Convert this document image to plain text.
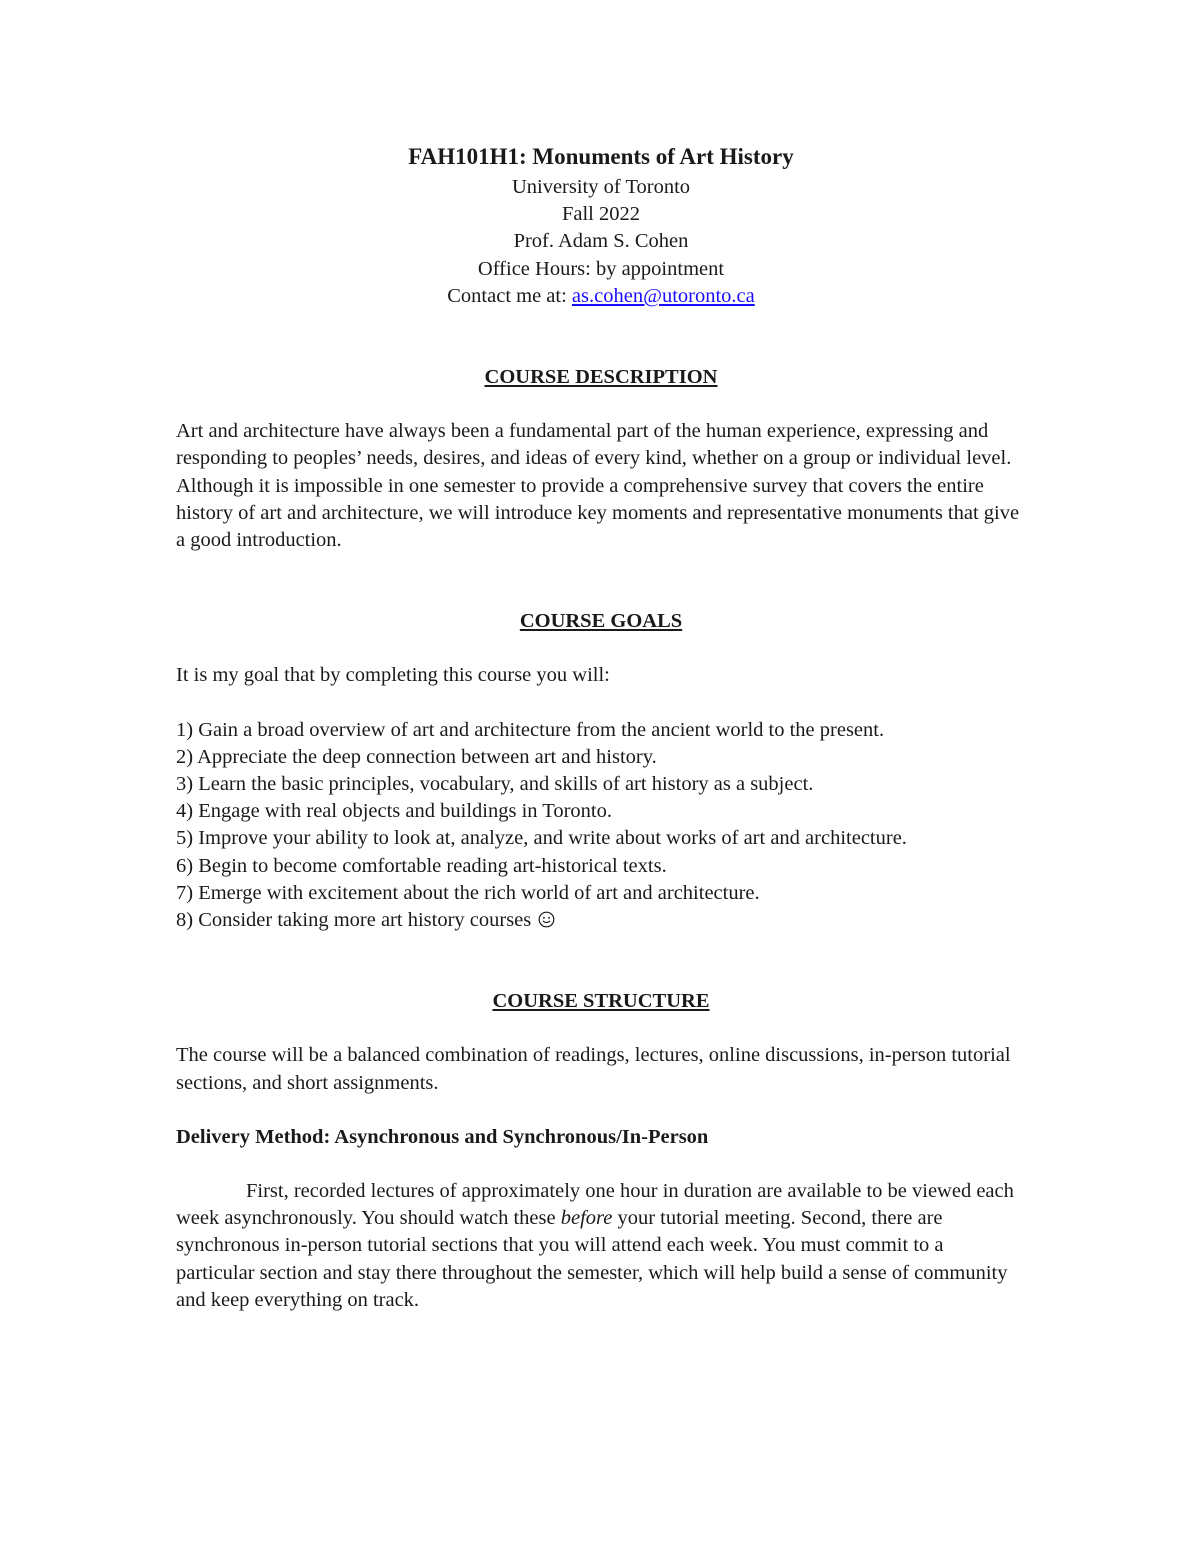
FAH101H1: Monuments of Art History
University of Toronto
Fall 2022
Prof. Adam S. Cohen
Office Hours: by appointment
Contact me at: as.cohen@utoronto.ca
COURSE DESCRIPTION

Art and architecture have always been a fundamental part of the human experience, expressing and responding to peoples’ needs, desires, and ideas of every kind, whether on a group or individual level. Although it is impossible in one semester to provide a comprehensive survey that covers the entire history of art and architecture, we will introduce key moments and representative monuments that give a good introduction.

COURSE GOALS

It is my goal that by completing this course you will:

1) Gain a broad overview of art and architecture from the ancient world to the present.
2) Appreciate the deep connection between art and history.
3) Learn the basic principles, vocabulary, and skills of art history as a subject.
4) Engage with real objects and buildings in Toronto.
5) Improve your ability to look at, analyze, and write about works of art and architecture.
6) Begin to become comfortable reading art-historical texts.
7) Emerge with excitement about the rich world of art and architecture.
8) Consider taking more art history courses
COURSE STRUCTURE

The course will be a balanced combination of readings, lectures, online discussions, in-person tutorial sections, and short assignments.

Delivery Method: Asynchronous and Synchronous/In-Person

First, recorded lectures of approximately one hour in duration are available to be viewed each week asynchronously. You should watch these before your tutorial meeting. Second, there are synchronous in-person tutorial sections that you will attend each week. You must commit to a particular section and stay there throughout the semester, which will help build a sense of community and keep everything on track.
